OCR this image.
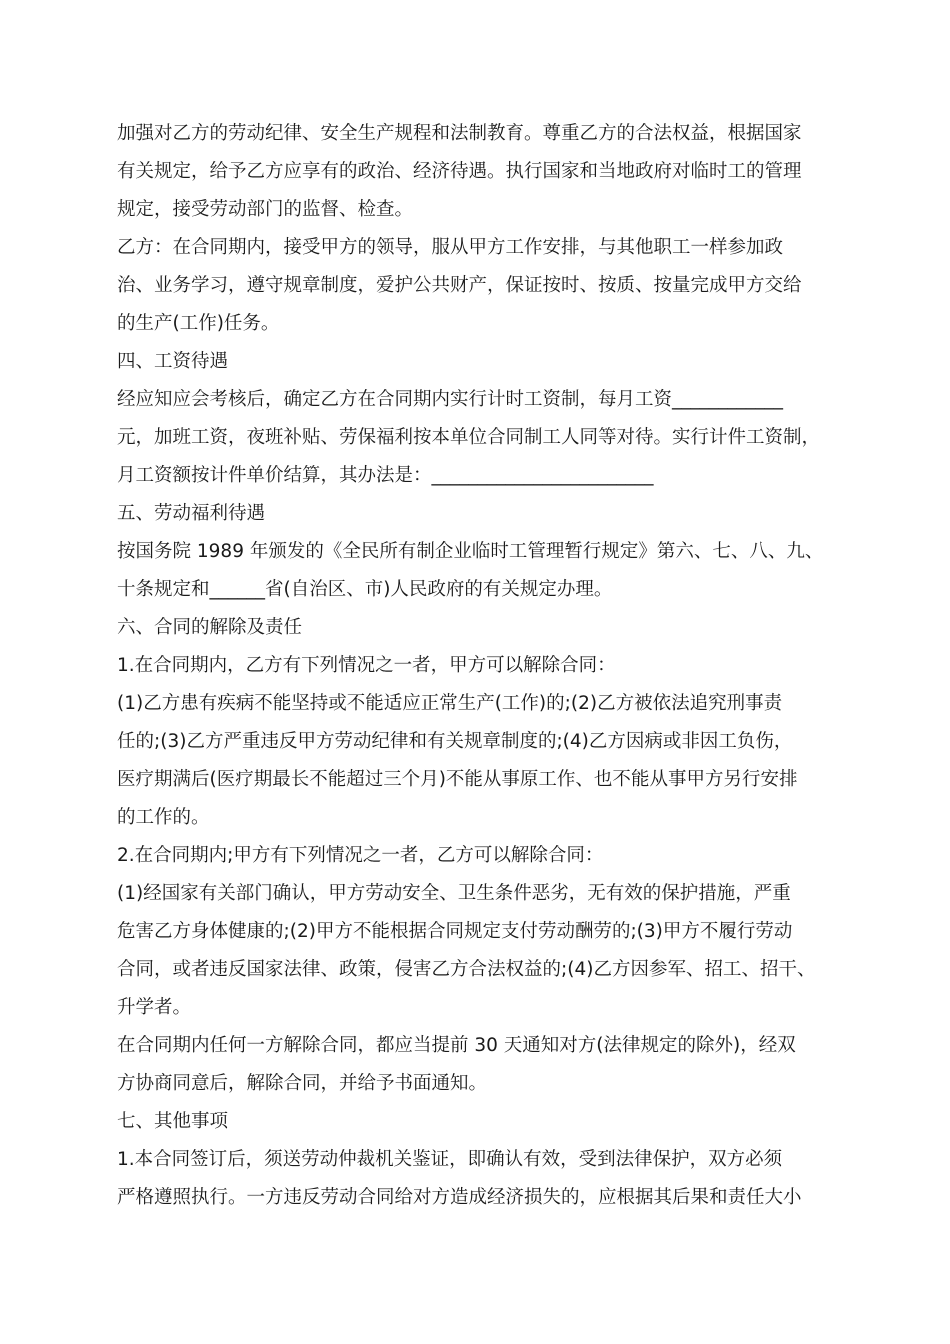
加强对乙方的劳动纪律、安全生产规程和法制教育。尊重乙方的合法权益，根据国家

有关规定，给予乙方应享有的政治、经济待遇。执行国家和当地政府对临时工的管理

规定，接受劳动部门的监督、检查。

乙方：在合同期内，接受甲方的领导，服从甲方工作安排，与其他职工一样参加政

治、业务学习，遵守规章制度，爱护公共财产，保证按时、按质、按量完成甲方交给

的生产(工作)任务。

四、工资待遇

经应知应会考核后，确定乙方在合同期内实行计时工资制，每月工资____________

元，加班工资，夜班补贴、劳保福利按本单位合同制工人同等对待。实行计件工资制，

月工资额按计件单价结算，其办法是：________________________

五、劳动福利待遇

按国务院 1989 年颁发的《全民所有制企业临时工管理暂行规定》第六、七、八、九、

十条规定和______省(自治区、市)人民政府的有关规定办理。

六、合同的解除及责任

1.在合同期内，乙方有下列情况之一者，甲方可以解除合同：

(1)乙方患有疾病不能坚持或不能适应正常生产(工作)的;(2)乙方被依法追究刑事责

任的;(3)乙方严重违反甲方劳动纪律和有关规章制度的;(4)乙方因病或非因工负伤，

医疗期满后(医疗期最长不能超过三个月)不能从事原工作、也不能从事甲方另行安排

的工作的。

2.在合同期内;甲方有下列情况之一者，乙方可以解除合同：

(1)经国家有关部门确认，甲方劳动安全、卫生条件恶劣，无有效的保护措施，严重

危害乙方身体健康的;(2)甲方不能根据合同规定支付劳动酬劳的;(3)甲方不履行劳动

合同，或者违反国家法律、政策，侵害乙方合法权益的;(4)乙方因参军、招工、招干、

升学者。

在合同期内任何一方解除合同，都应当提前 30 天通知对方(法律规定的除外)，经双

方协商同意后，解除合同，并给予书面通知。

七、其他事项

1.本合同签订后，须送劳动仲裁机关鉴证，即确认有效，受到法律保护，双方必须

严格遵照执行。一方违反劳动合同给对方造成经济损失的，应根据其后果和责任大小
